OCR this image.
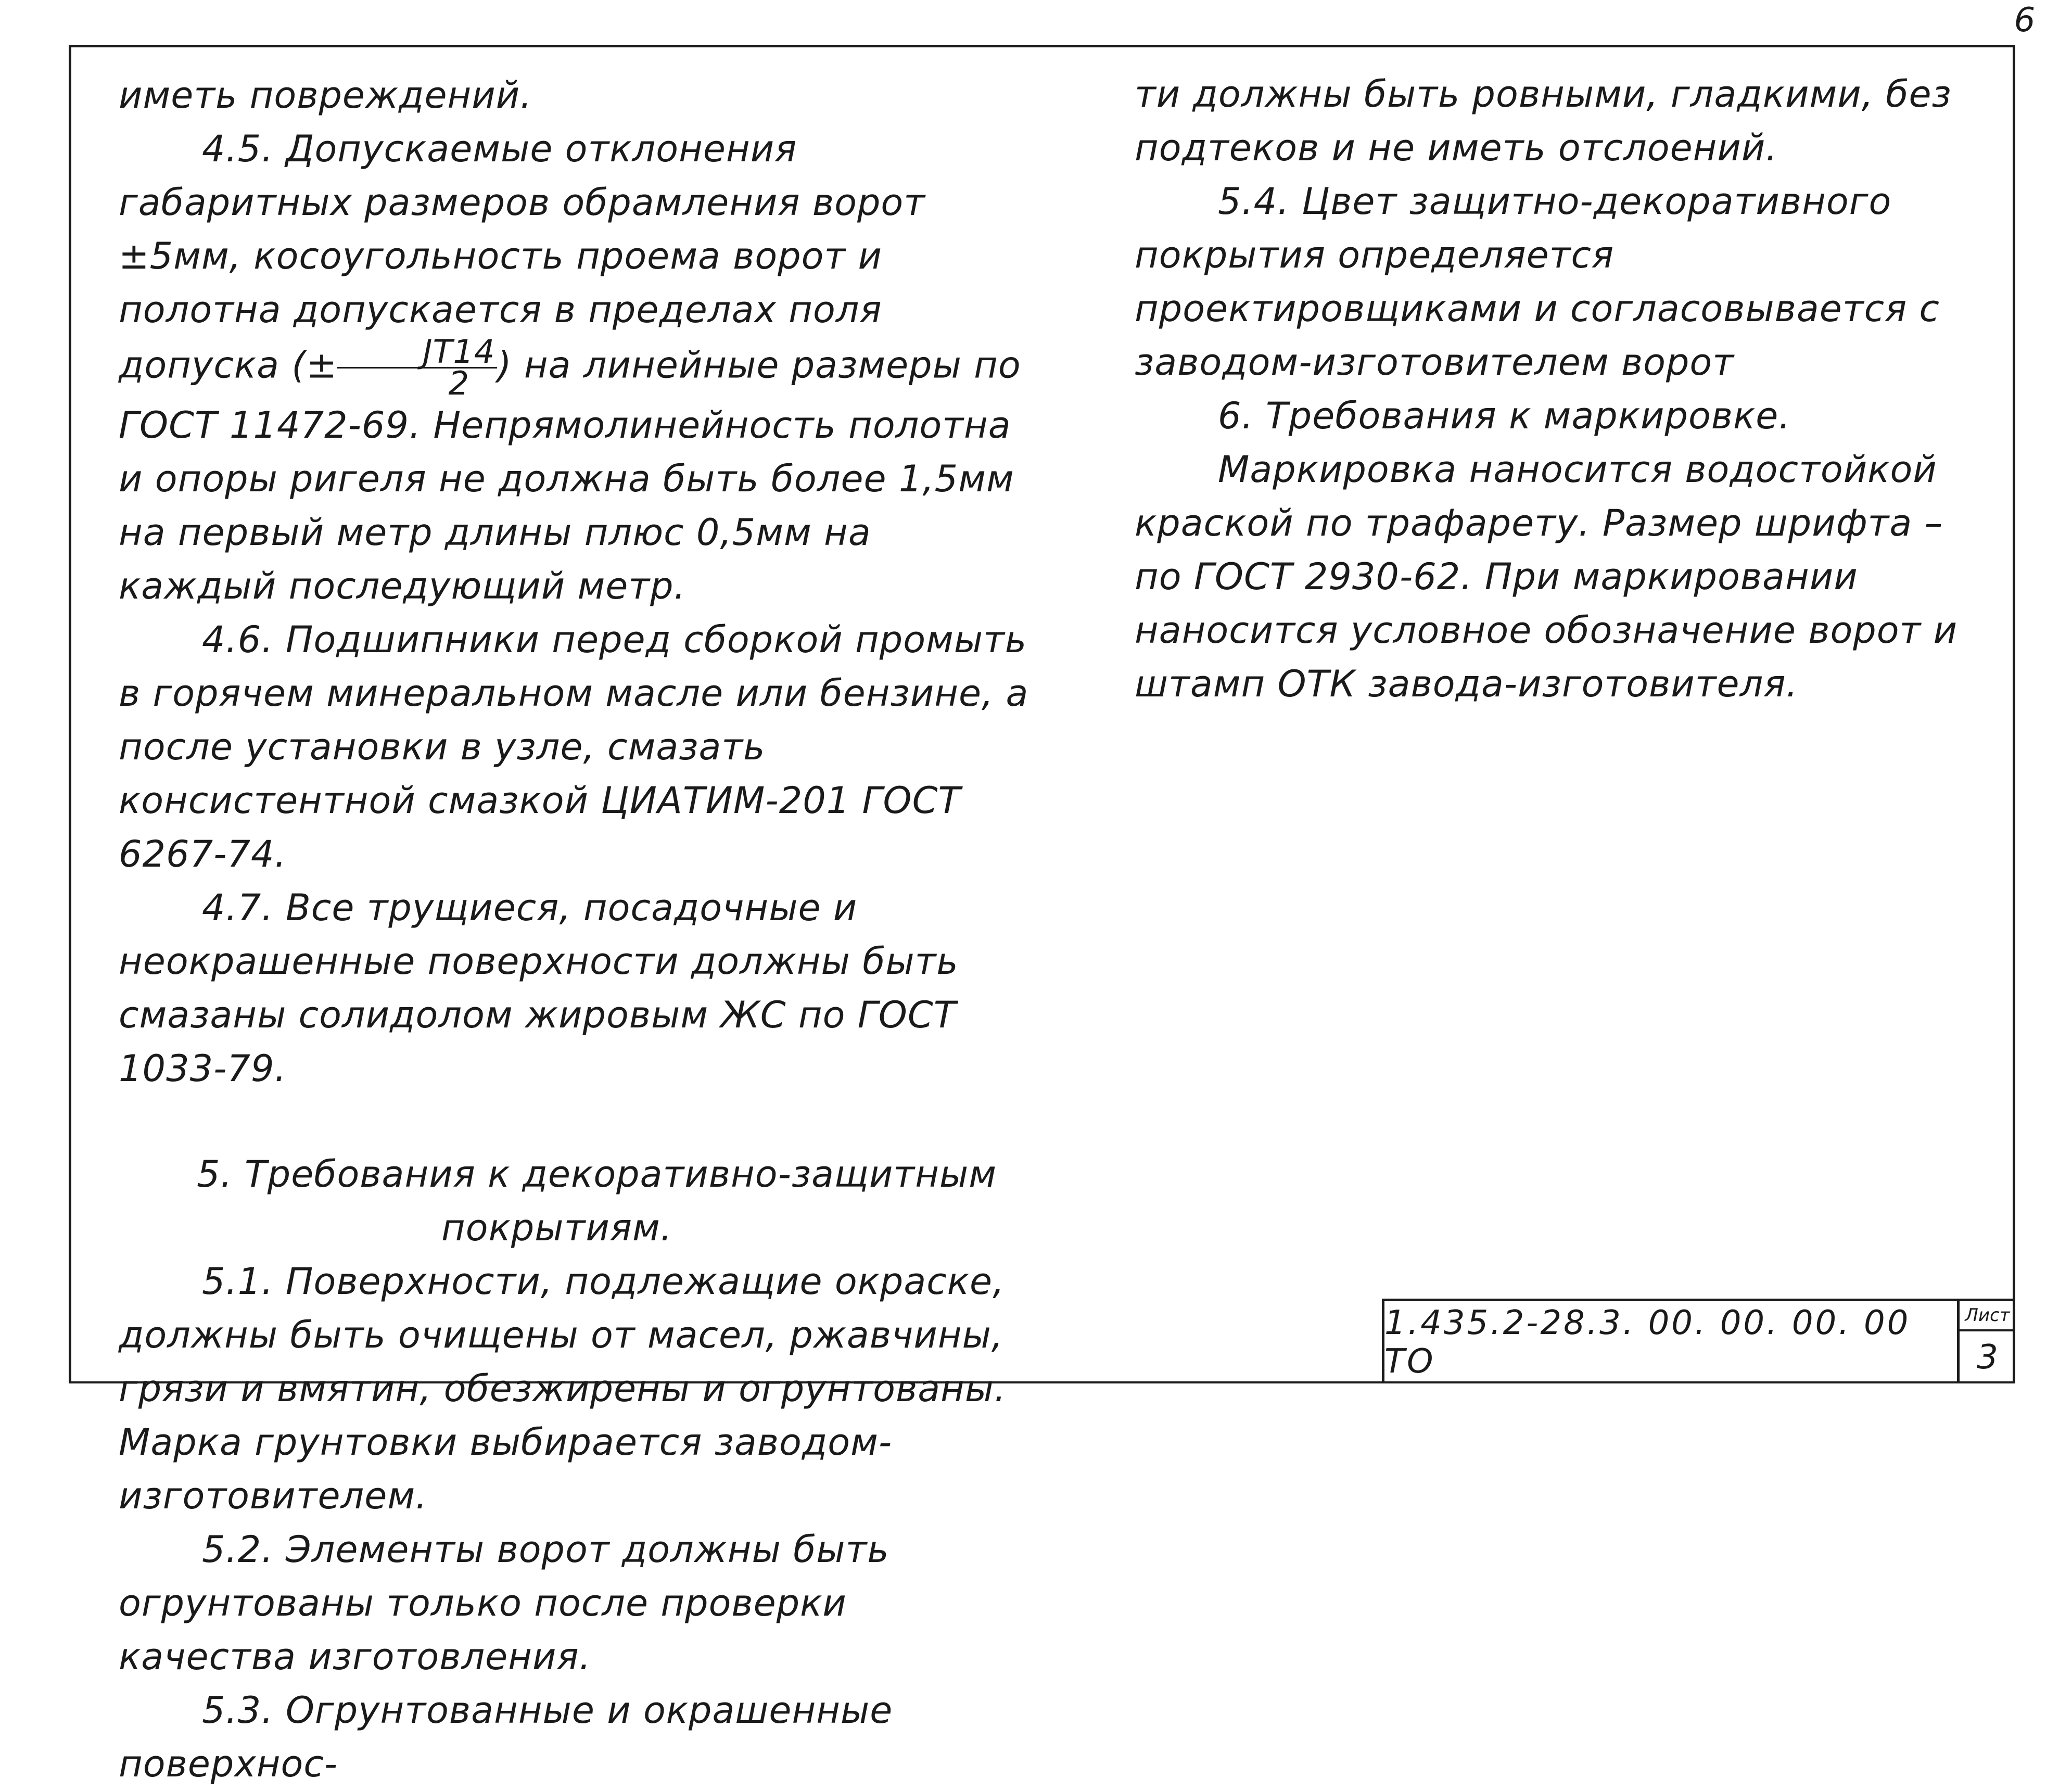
6

иметь повреждений.

4.5. Допускаемые отклонения габаритных размеров обрамления ворот ±5мм, косоугольность проема ворот и полотна допускается в пределах поля допуска (± $\frac{JT14}{2}$ ) на линейные размеры по ГОСТ 11472-69. Непрямолинейность полотна и опоры ригеля не должна быть более 1,5мм на первый метр длины плюс 0,5мм на каждый последующий метр.

4.6. Подшипники перед сборкой промыть в горячем минеральном масле или бензине, а после установки в узле, смазать консистентной смазкой ЦИАТИМ-201 ГОСТ 6267-74.

4.7. Все трущиеся, посадочные и неокрашенные поверхности должны быть смазаны солидолом жировым ЖС по ГОСТ 1033-79.

5. Требования к декоративно-защитным
покрытиям.

5.1. Поверхности, подлежащие окраске, должны быть очищены от масел, ржавчины, грязи и вмятин, обезжирены и огрунтованы. Марка грунтовки выбирается заводом-изготовителем.

5.2. Элементы ворот должны быть огрунтованы только после проверки качества изготовления.

5.3. Огрунтованные и окрашенные поверхнос-

ти должны быть ровными, гладкими, без подтеков и не иметь отслоений.

5.4. Цвет защитно-декоративного покрытия определяется проектировщиками и согласовывается с заводом-изготовителем ворот

6. Требования к маркировке.

Маркировка наносится водостойкой краской по трафарету. Размер шрифта – по ГОСТ 2930-62. При маркировании наносится условное обозначение ворот и штамп ОТК завода-изготовителя.

1.435.2-28.3. 00. 00. 00. 00 ТО
Лист
3
